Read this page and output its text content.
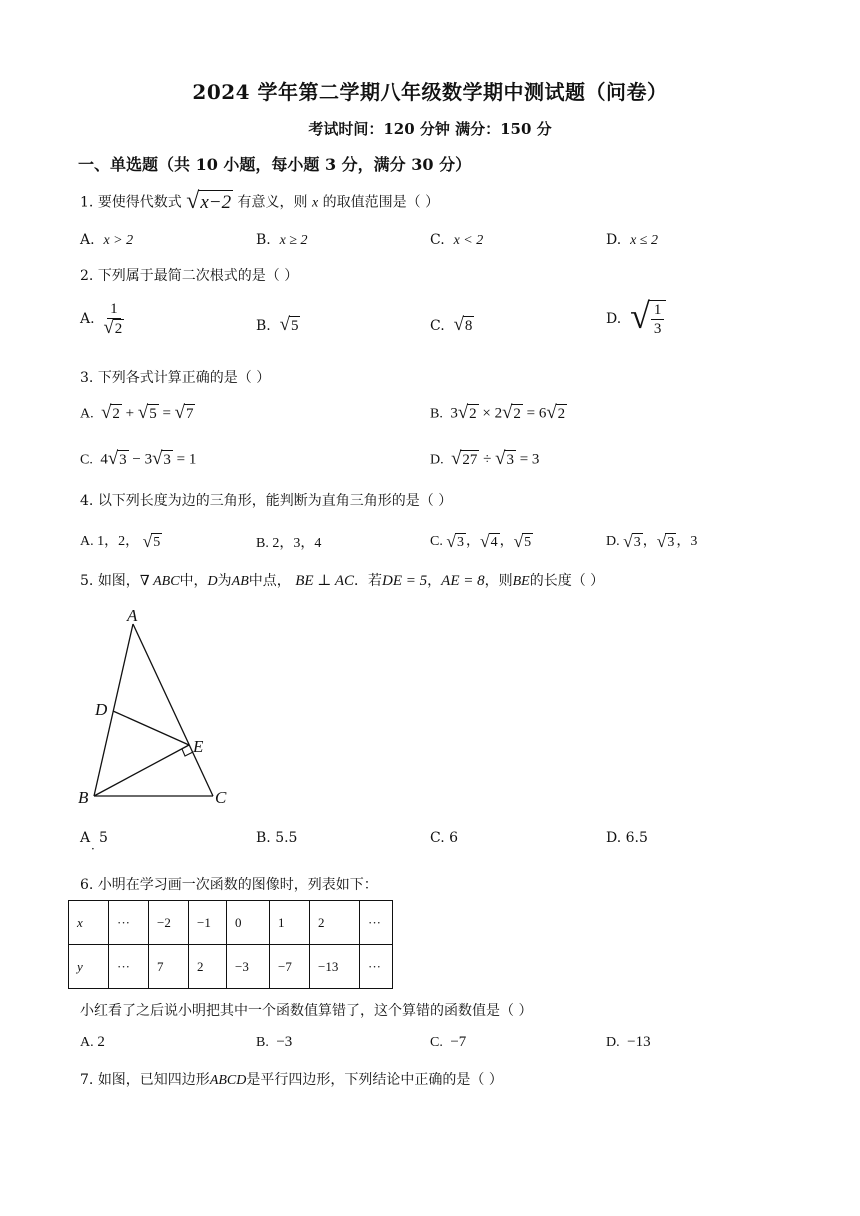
2024 学年第二学期八年级数学期中测试题（问卷）
考试时间：120 分钟 满分：150 分
一、单选题（共 10 小题，每小题 3 分，满分 30 分）
1. 要使得代数式 √ x−2 有意义，则 x 的取值范围是（ ）
A. x > 2	B. x ≥ 2	C. x < 2	D. x ≤ 2
2. 下列属于最简二次根式的是（ ）
A.
$\frac{1}{√ 2}$	B. √ 5	C. √ 8	D.
√ $\frac{1}{3}$
3. 下列各式计算正确的是（ ）
A. √ 2 + √ 5 = √ 7	B. 3 √ 2 × 2 √ 2 = 6 √ 2
C. 4 √ 3 − 3 √ 3 = 1	D. √ 27 ÷ √ 3 = 3
4. 以下列长度为边的三角形，能判断为直角三角形的是（ ）
A. 1，2， √ 5	B. 2，3，4	C. √ 3 ， √ 4 ， √ 5	D. √ 3 ， √ 3 ，3
5. 如图，∇ ABC中，D为AB中点， BE ⊥ AC．若DE = 5，AE = 8，则BE的长度（ ）
A
D
E
B	C
A 5
·
B. 5.5	C. 6	D. 6.5
6. 小明在学习画一次函数的图像时，列表如下：
x	···	−2	−1	0	1	2	···
y	···	7	2	−3	−7	−13	···
小红看了之后说小明把其中一个函数值算错了，这个算错的函数值是（ ）
A. 2	B. −3	C. −7	D. −13
7. 如图，已知四边形ABCD是平行四边形，下列结论中正确的是（ ）
